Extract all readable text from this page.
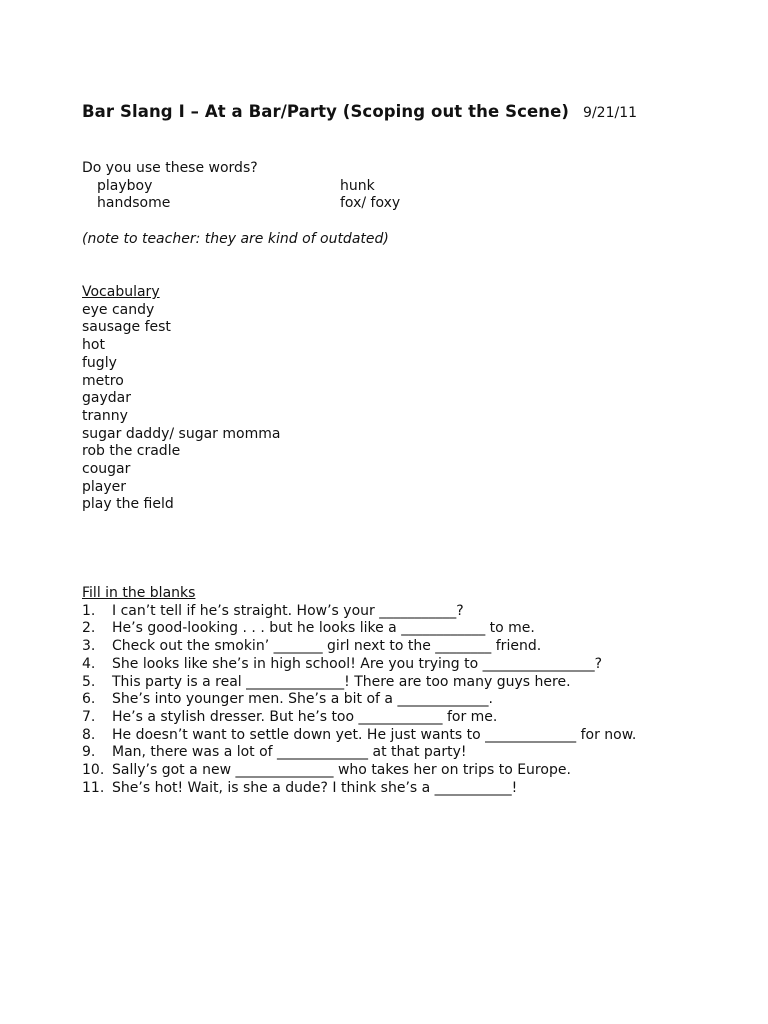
Bar Slang I – At a Bar/Party (Scoping out the Scene) 9/21/11
Do you use these words?
playboy	hunk
handsome	fox/ foxy
(note to teacher: they are kind of outdated)
Vocabulary
eye candy
sausage fest
hot
fugly
metro
gaydar
tranny
sugar daddy/ sugar momma
rob the cradle
cougar
player
play the field
Fill in the blanks
1.	I can’t tell if he’s straight. How’s your ___________?
2.	He’s good-looking . . . but he looks like a ____________ to me.
3.	Check out the smokin’ _______ girl next to the ________ friend.
4.	She looks like she’s in high school! Are you trying to ________________?
5.	This party is a real ______________! There are too many guys here.
6.	She’s into younger men. She’s a bit of a _____________.
7.	He’s a stylish dresser. But he’s too ____________ for me.
8.	He doesn’t want to settle down yet. He just wants to _____________ for now.
9.	Man, there was a lot of _____________ at that party!
10. Sally’s got a new ______________ who takes her on trips to Europe.
11. She’s hot! Wait, is she a dude? I think she’s a ___________!
